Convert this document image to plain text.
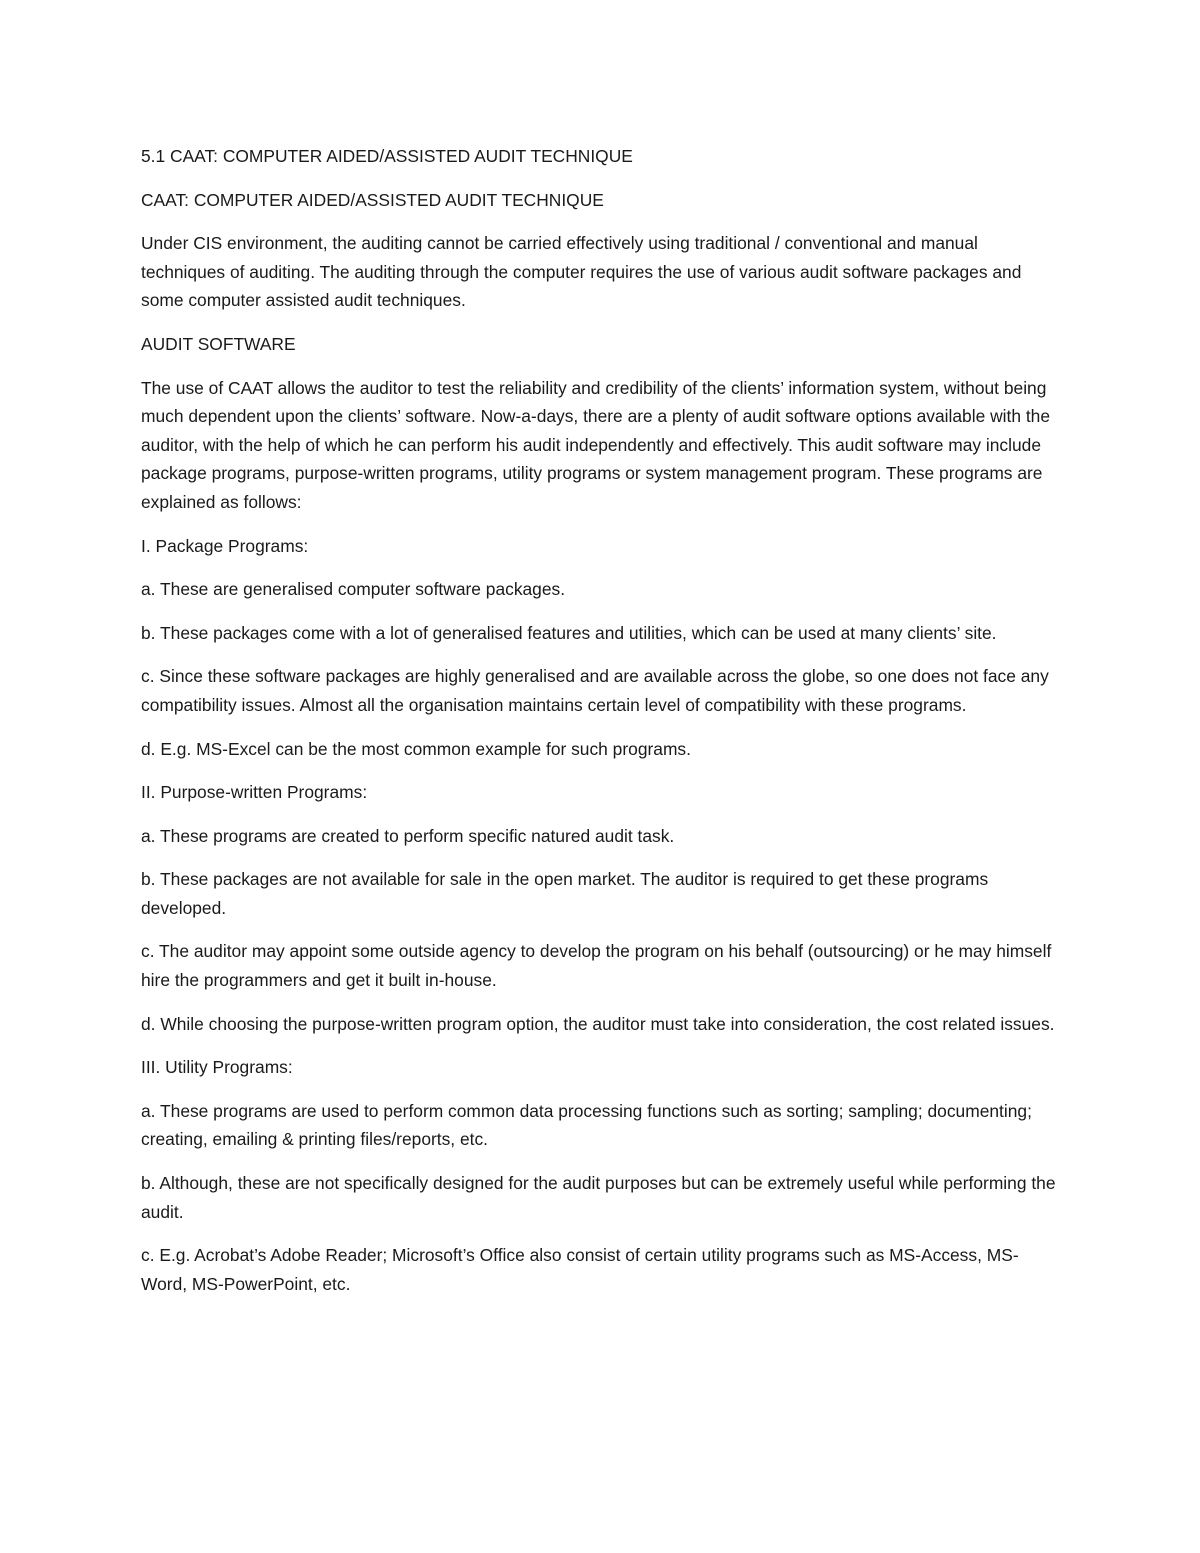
5.1 CAAT: COMPUTER AIDED/ASSISTED AUDIT TECHNIQUE

CAAT: COMPUTER AIDED/ASSISTED AUDIT TECHNIQUE

Under CIS environment, the auditing cannot be carried effectively using traditional / conventional and manual techniques of auditing. The auditing through the computer requires the use of various audit software packages and some computer assisted audit techniques.

AUDIT SOFTWARE

The use of CAAT allows the auditor to test the reliability and credibility of the clients’ information system, without being much dependent upon the clients’ software. Now-a-days, there are a plenty of audit software options available with the auditor, with the help of which he can perform his audit independently and effectively. This audit software may include package programs, purpose-written programs, utility programs or system management program. These programs are explained as follows:

I. Package Programs:

a. These are generalised computer software packages.

b. These packages come with a lot of generalised features and utilities, which can be used at many clients’ site.

c. Since these software packages are highly generalised and are available across the globe, so one does not face any compatibility issues. Almost all the organisation maintains certain level of compatibility with these programs.

d. E.g. MS-Excel can be the most common example for such programs.

II. Purpose-written Programs:

a. These programs are created to perform specific natured audit task.

b. These packages are not available for sale in the open market. The auditor is required to get these programs developed.

c. The auditor may appoint some outside agency to develop the program on his behalf (outsourcing) or he may himself hire the programmers and get it built in-house.

d. While choosing the purpose-written program option, the auditor must take into consideration, the cost related issues.

III. Utility Programs:

a. These programs are used to perform common data processing functions such as sorting; sampling; documenting; creating, emailing & printing files/reports, etc.

b. Although, these are not specifically designed for the audit purposes but can be extremely useful while performing the audit.

c. E.g. Acrobat’s Adobe Reader; Microsoft’s Office also consist of certain utility programs such as MS-Access, MS-Word, MS-PowerPoint, etc.
